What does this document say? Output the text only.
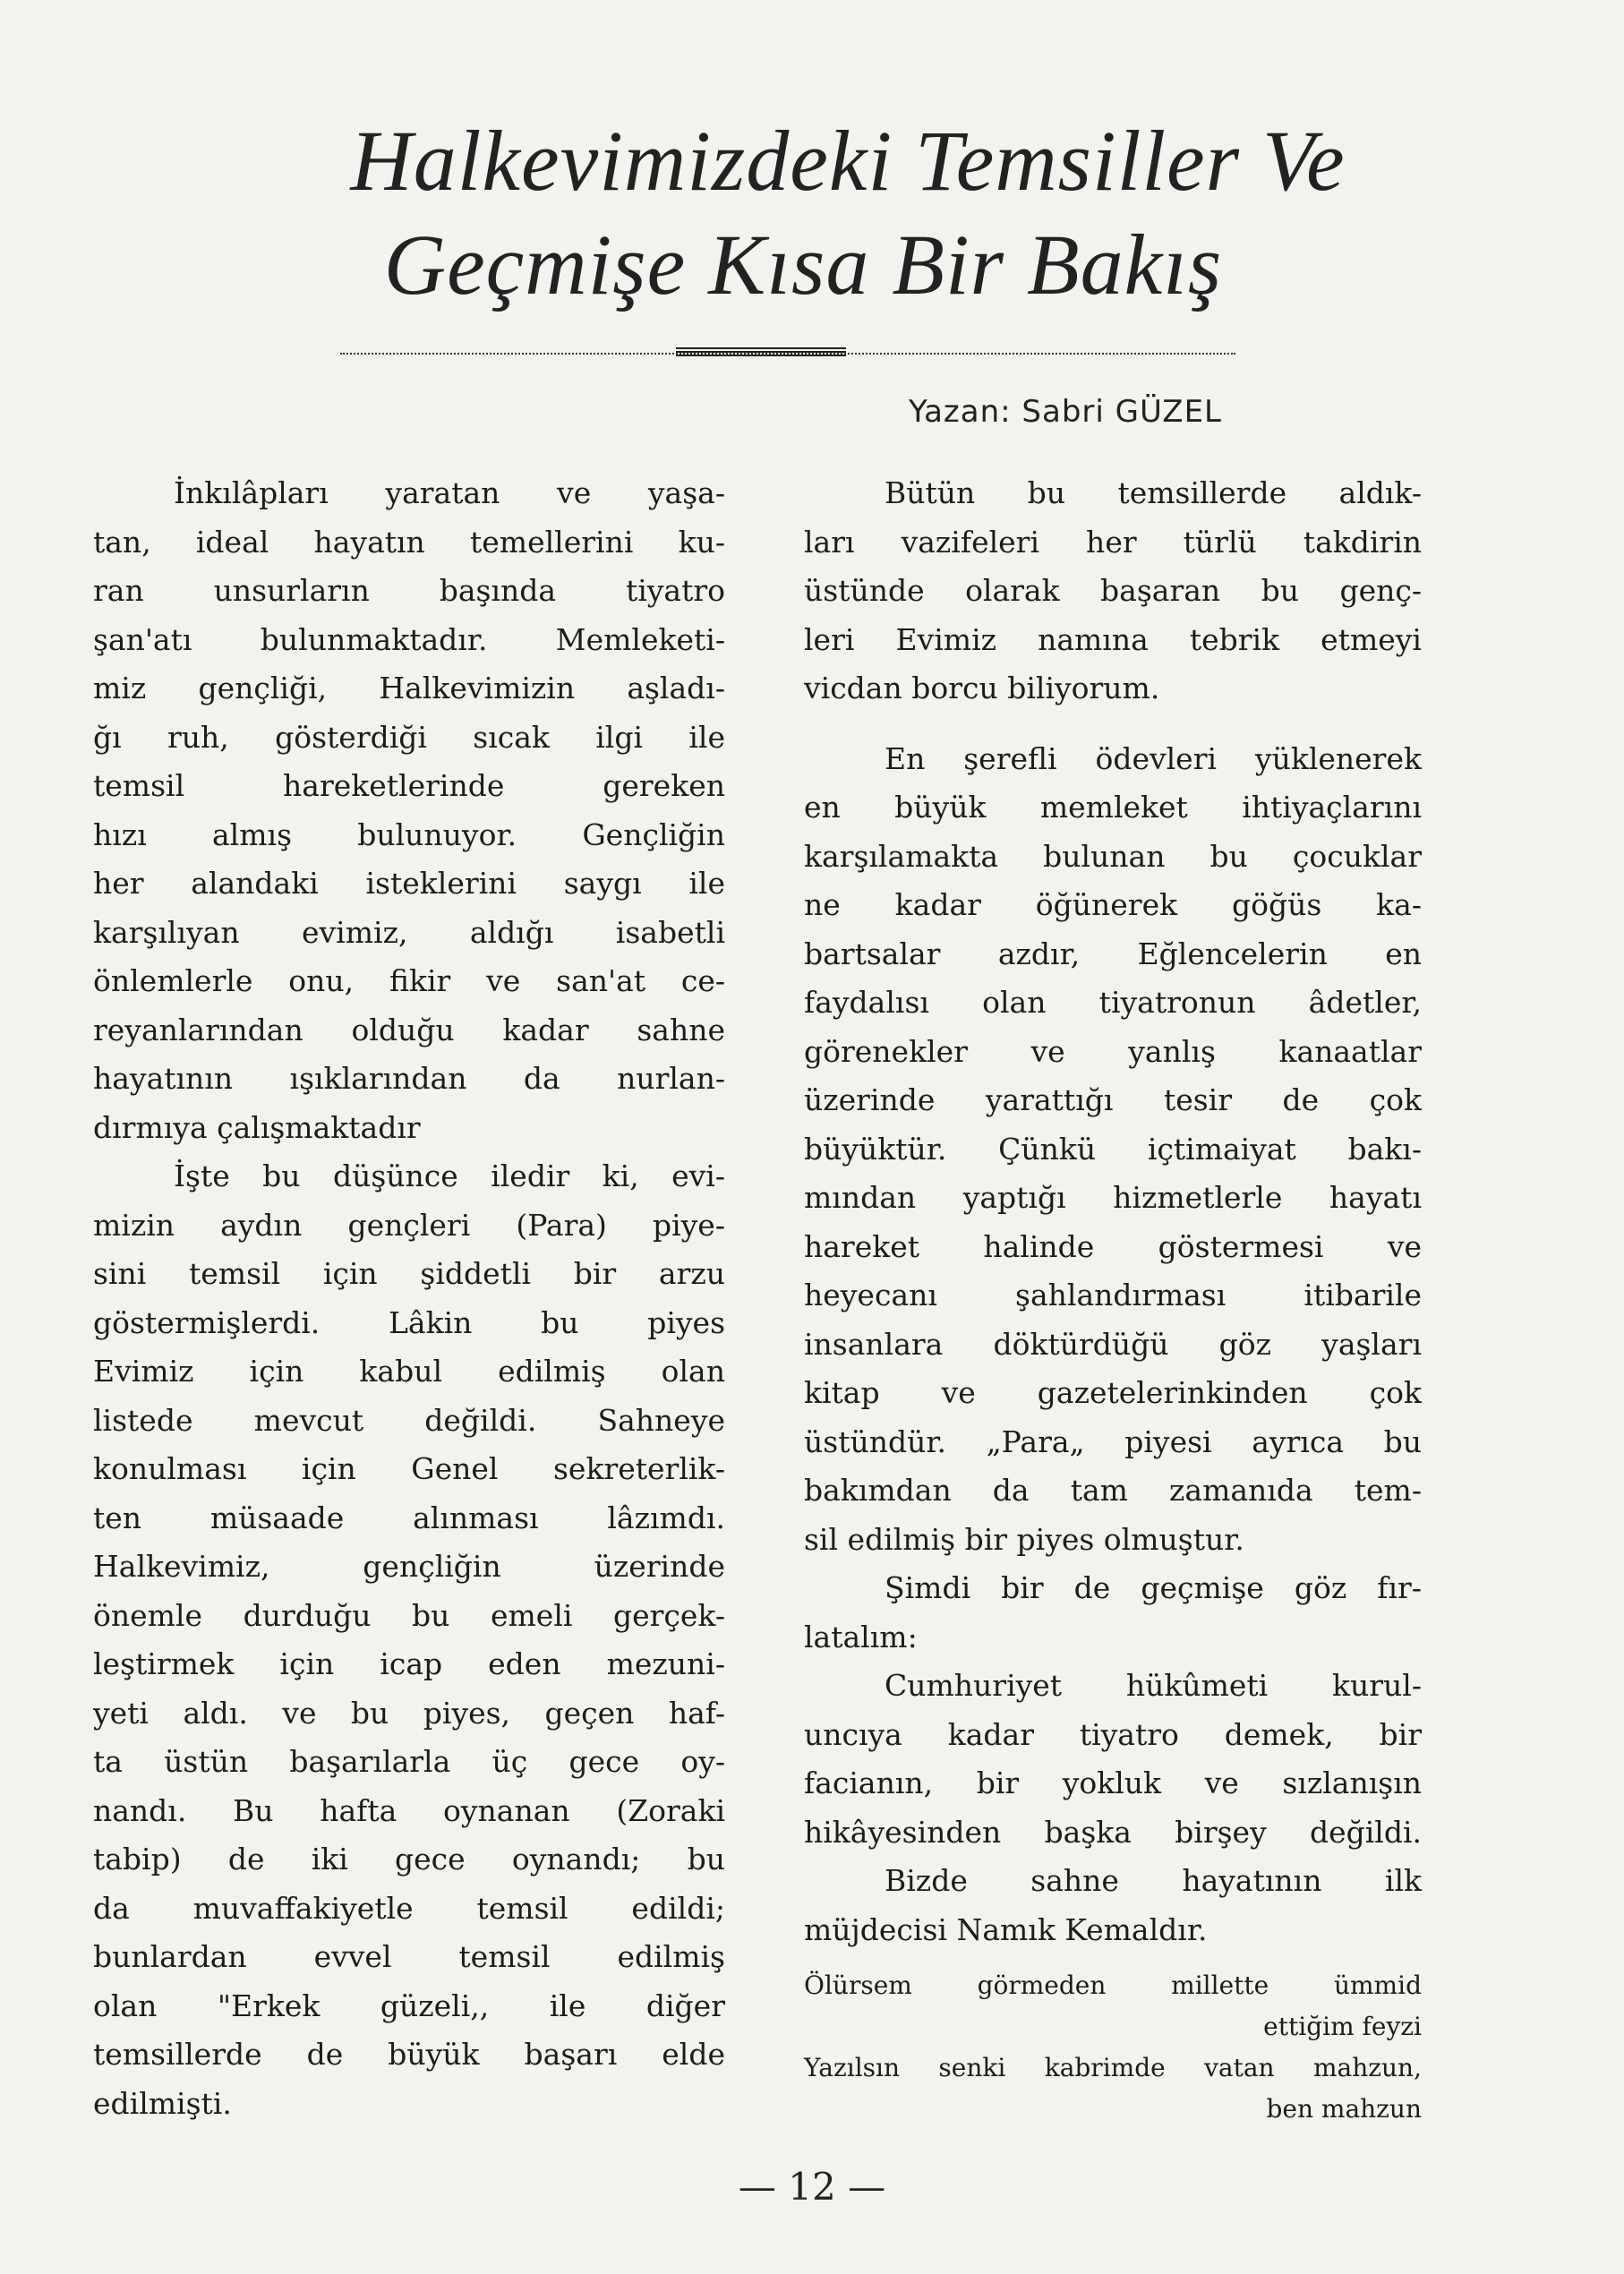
Halkevimizdeki Temsiller Ve
Geçmişe Kısa Bir Bakış
Yazan: Sabri GÜZEL
İnkılâpları yaratan ve yaşa-
tan, ideal hayatın temellerini ku-
ran unsurların başında tiyatro
şan'atı bulunmaktadır. Memleketi-
miz gençliği, Halkevimizin aşladı-
ğı ruh, gösterdiği sıcak ilgi ile
temsil hareketlerinde gereken
hızı almış bulunuyor. Gençliğin
her alandaki isteklerini saygı ile
karşılıyan evimiz, aldığı isabetli
önlemlerle onu, fikir ve san'at ce-
reyanlarından olduğu kadar sahne
hayatının ışıklarından da nurlan-
dırmıya çalışmaktadır
İşte bu düşünce iledir ki, evi-
mizin aydın gençleri (Para) piye-
sini temsil için şiddetli bir arzu
göstermişlerdi. Lâkin bu piyes
Evimiz için kabul edilmiş olan
listede mevcut değildi. Sahneye
konulması için Genel sekreterlik-
ten müsaade alınması lâzımdı.
Halkevimiz, gençliğin üzerinde
önemle durduğu bu emeli gerçek-
leştirmek için icap eden mezuni-
yeti aldı. ve bu piyes, geçen haf-
ta üstün başarılarla üç gece oy-
nandı. Bu hafta oynanan (Zoraki
tabip) de iki gece oynandı; bu
da muvaffakiyetle temsil edildi;
bunlardan evvel temsil edilmiş
olan "Erkek güzeli,, ile diğer
temsillerde de büyük başarı elde
edilmişti.
Bütün bu temsillerde aldık-
ları vazifeleri her türlü takdirin
üstünde olarak başaran bu genç-
leri Evimiz namına tebrik etmeyi
vicdan borcu biliyorum.
En şerefli ödevleri yüklenerek
en büyük memleket ihtiyaçlarını
karşılamakta bulunan bu çocuklar
ne kadar öğünerek göğüs ka-
bartsalar azdır, Eğlencelerin en
faydalısı olan tiyatronun âdetler,
görenekler ve yanlış kanaatlar
üzerinde yarattığı tesir de çok
büyüktür. Çünkü içtimaiyat bakı-
mından yaptığı hizmetlerle hayatı
hareket halinde göstermesi ve
heyecanı şahlandırması itibarile
insanlara döktürdüğü göz yaşları
kitap ve gazetelerinkinden çok
üstündür. „Para„ piyesi ayrıca bu
bakımdan da tam zamanıda tem-
sil edilmiş bir piyes olmuştur.
Şimdi bir de geçmişe göz fır-
latalım:
Cumhuriyet hükûmeti kurul-
uncıya kadar tiyatro demek, bir
facianın, bir yokluk ve sızlanışın
hikâyesinden başka birşey değildi.
Bizde sahne hayatının ilk
müjdecisi Namık Kemaldır.
Ölürsem görmeden millette ümmid
ettiğim feyzi
Yazılsın senki kabrimde vatan mahzun,
ben mahzun
— 12 —
